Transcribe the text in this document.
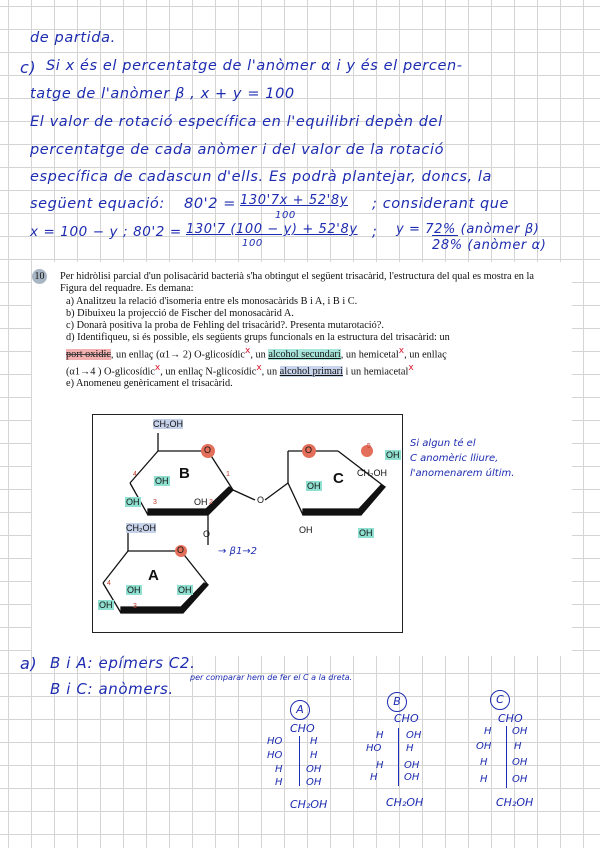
de partida.
c) Si x és el percentatge de l'anòmer α i y és el percen-
tatge de l'anòmer β , x + y = 100
El valor de rotació específica en l'equilibri depèn del
percentatge de cada anòmer i del valor de la rotació
específica de cadascun d'ells. Es podrà plantejar, doncs, la
següent equació: 80'2 = 130'7x + 52'8y
100
; considerant que
x = 100 − y ; 80'2 = 130'7 (100 − y) + 52'8y
100
; y = 72% (anòmer β)
28% (anòmer α)
10 Per hidròlisi parcial d'un polisacàrid bacterià s'ha obtingut el següent trisacàrid, l'estructura del qual es mostra en la Figura del requadre. Es demana:
a) Analitzeu la relació d'isomeria entre els monosacàrids B i A, i B i C.
b) Dibuixeu la projecció de Fischer del monosacàrid A.
c) Donarà positiva la proba de Fehling del trisacàrid?. Presenta mutarotació?.
d) Identifiqueu, si és possible, els següents grups funcionals en la estructura del trisacàrid: un
port oxidic, un enllaç (α1→ 2) O-glicosídicx, un alcohol secundari, un hemicetalx, un enllaç
(α1→4 ) O-glicosídicx, un enllaç N-glicosídicx, un alcohol primari i un hemiacetalx
e) Anomeneu genèricament el trisacàrid.
CH₂OH
O
B
OH
OH	OH	O
O	OH
CH₂OH
C
OH
OH
OH
CH₂OH
O
O
A
OH	OH
OH
1
2
3
4
5
4
3
→ β1→2
Si algun té el
C anomèric lliure,
l'anomenarem últim.
a) B i A: epímers C2.
B i C: anòmers.
per comparar hem de fer el C a la dreta.
A
CHO
HO	H
HO	H
H OH
H OH
CH₂OH
B
CHO
H OH
HO H
H OH
H	OH
CH₂OH
C
CHO
H OH
OH H
H OH
H OH
CH₂OH
